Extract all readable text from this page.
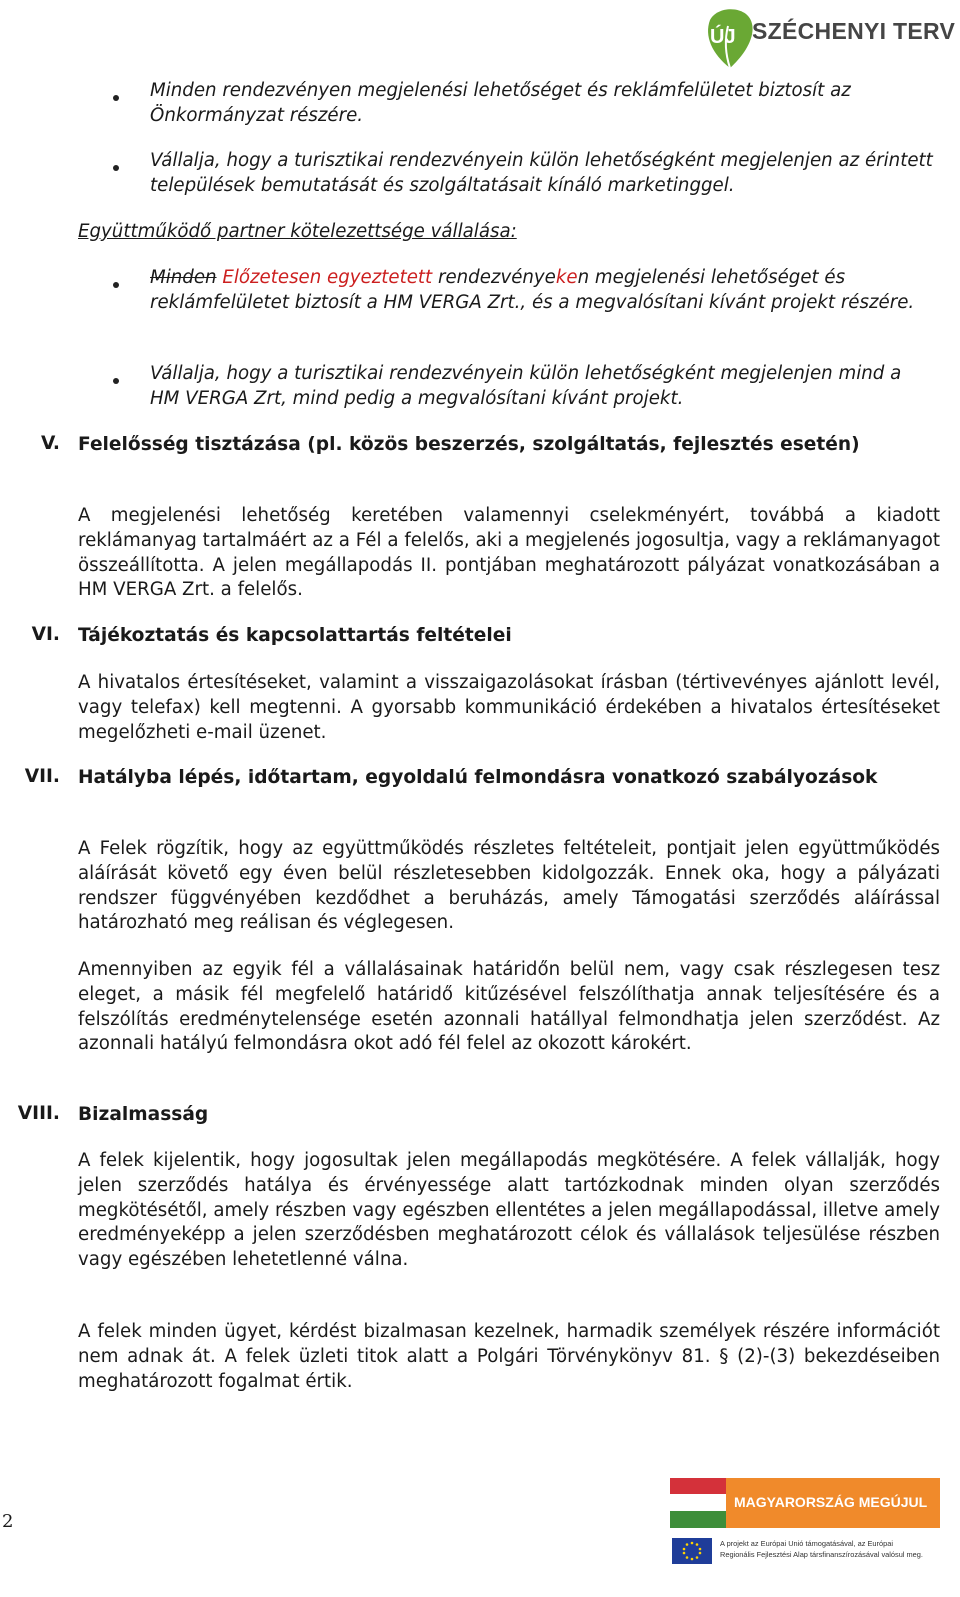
ÚJ SZÉCHENYI TERV
Minden rendezvényen megjelenési lehetőséget és reklámfelületet biztosít az Önkormányzat részére.
Vállalja, hogy a turisztikai rendezvényein külön lehetőségként megjelenjen az érintett települések bemutatását és szolgáltatásait kínáló marketinggel.
Együttműködő partner kötelezettsége vállalása:
Minden Előzetesen egyeztetett rendezvényeken megjelenési lehetőséget és reklámfelületet biztosít a HM VERGA Zrt., és a megvalósítani kívánt projekt részére.
Vállalja, hogy a turisztikai rendezvényein külön lehetőségként megjelenjen mind a HM VERGA Zrt, mind pedig a megvalósítani kívánt projekt.
V. Felelősség tisztázása (pl. közös beszerzés, szolgáltatás, fejlesztés esetén)
A megjelenési lehetőség keretében valamennyi cselekményért, továbbá a kiadott reklámanyag tartalmáért az a Fél a felelős, aki a megjelenés jogosultja, vagy a reklámanyagot összeállította. A jelen megállapodás II. pontjában meghatározott pályázat vonatkozásában a HM VERGA Zrt. a felelős.
VI. Tájékoztatás és kapcsolattartás feltételei
A hivatalos értesítéseket, valamint a visszaigazolásokat írásban (tértivevényes ajánlott levél, vagy telefax) kell megtenni. A gyorsabb kommunikáció érdekében a hivatalos értesítéseket megelőzheti e-mail üzenet.
VII. Hatályba lépés, időtartam, egyoldalú felmondásra vonatkozó szabályozások
A Felek rögzítik, hogy az együttműködés részletes feltételeit, pontjait jelen együttműködés aláírását követő egy éven belül részletesebben kidolgozzák. Ennek oka, hogy a pályázati rendszer függvényében kezdődhet a beruházás, amely Támogatási szerződés aláírással határozható meg reálisan és véglegesen.
Amennyiben az egyik fél a vállalásainak határidőn belül nem, vagy csak részlegesen tesz eleget, a másik fél megfelelő határidő kitűzésével felszólíthatja annak teljesítésére és a felszólítás eredménytelensége esetén azonnali hatállyal felmondhatja jelen szerződést. Az azonnali hatályú felmondásra okot adó fél felel az okozott károkért.
VIII. Bizalmasság
A felek kijelentik, hogy jogosultak jelen megállapodás megkötésére. A felek vállalják, hogy jelen szerződés hatálya és érvényessége alatt tartózkodnak minden olyan szerződés megkötésétől, amely részben vagy egészben ellentétes a jelen megállapodással, illetve amely eredményeképp a jelen szerződésben meghatározott célok és vállalások teljesülése részben vagy egészében lehetetlenné válna.
A felek minden ügyet, kérdést bizalmasan kezelnek, harmadik személyek részére információt nem adnak át. A felek üzleti titok alatt a Polgári Törvénykönyv 81. § (2)-(3) bekezdéseiben meghatározott fogalmat értik.
2
MAGYARORSZÁG MEGÚJUL
A projekt az Európai Unió támogatásával, az Európai
Regionális Fejlesztési Alap társfinanszírozásával valósul meg.
